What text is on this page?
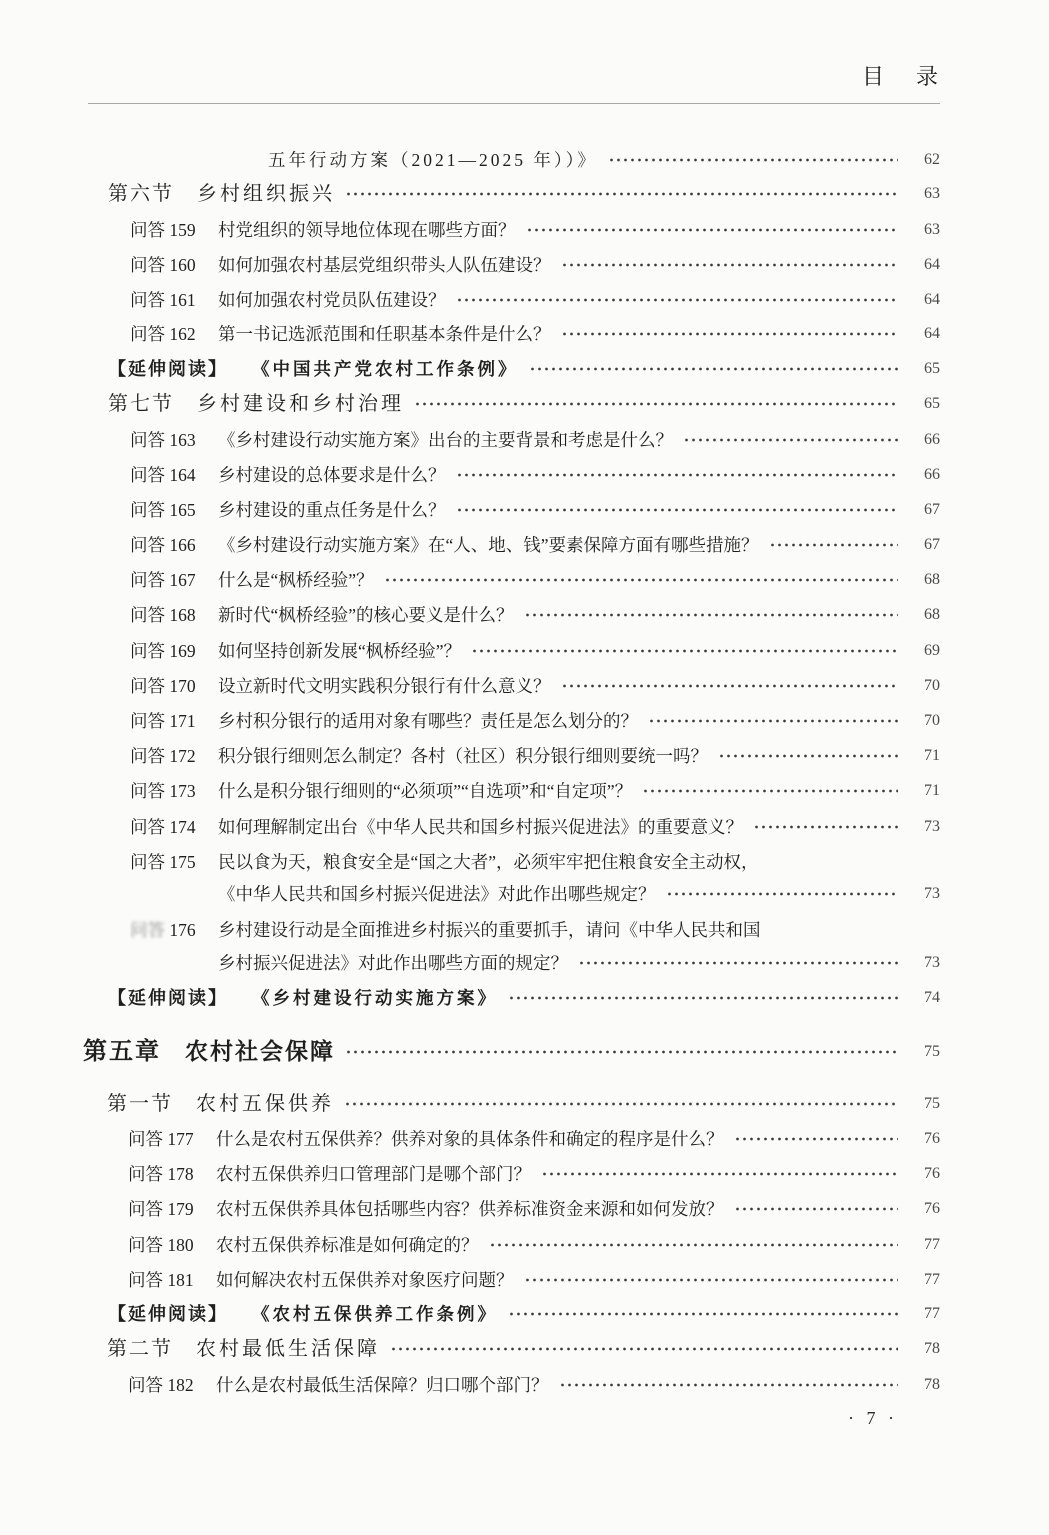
目　录
五年行动方案（2021—2025 年））》	62
第六节	乡村组织振兴	63
问答 159	村党组织的领导地位体现在哪些方面？	63
问答 160	如何加强农村基层党组织带头人队伍建设？	64
问答 161	如何加强农村党员队伍建设？	64
问答 162	第一书记选派范围和任职基本条件是什么？	64
【延伸阅读】	《中国共产党农村工作条例》	65
第七节	乡村建设和乡村治理	65
问答 163	《乡村建设行动实施方案》出台的主要背景和考虑是什么？	66
问答 164	乡村建设的总体要求是什么？	66
问答 165	乡村建设的重点任务是什么？	67
问答 166	《乡村建设行动实施方案》在“人、地、钱”要素保障方面有哪些措施？	67
问答 167	什么是“枫桥经验”？	68
问答 168	新时代“枫桥经验”的核心要义是什么？	68
问答 169	如何坚持创新发展“枫桥经验”？	69
问答 170	设立新时代文明实践积分银行有什么意义？	70
问答 171	乡村积分银行的适用对象有哪些？责任是怎么划分的？	70
问答 172	积分银行细则怎么制定？各村（社区）积分银行细则要统一吗？	71
问答 173	什么是积分银行细则的“必须项”“自选项”和“自定项”？	71
问答 174	如何理解制定出台《中华人民共和国乡村振兴促进法》的重要意义？	73
问答 175	民以食为天，粮食安全是“国之大者”，必须牢牢把住粮食安全主动权，
《中华人民共和国乡村振兴促进法》对此作出哪些规定？	73
问答 176	乡村建设行动是全面推进乡村振兴的重要抓手，请问《中华人民共和国
乡村振兴促进法》对此作出哪些方面的规定？	73
【延伸阅读】	《乡村建设行动实施方案》	74
第五章	农村社会保障	75
第一节	农村五保供养	75
问答 177	什么是农村五保供养？供养对象的具体条件和确定的程序是什么？	76
问答 178	农村五保供养归口管理部门是哪个部门？	76
问答 179	农村五保供养具体包括哪些内容？供养标准资金来源和如何发放？	76
问答 180	农村五保供养标准是如何确定的？	77
问答 181	如何解决农村五保供养对象医疗问题？	77
【延伸阅读】	《农村五保供养工作条例》	77
第二节	农村最低生活保障	78
问答 182	什么是农村最低生活保障？归口哪个部门？	78
· 7 ·
